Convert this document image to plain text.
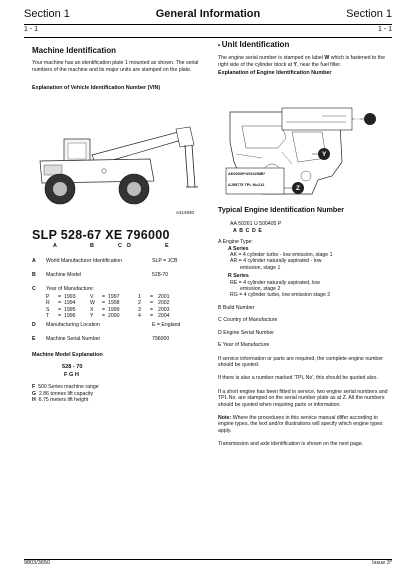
Section 1	General Information	Section 1
1 - 1	1 - 1
Machine Identification
Your machine has an identification plate 1 mounted as shown. The serial numbers of the machine and its major units are stamped on the plate.
Explanation of Vehicle Identification Number (VIN)
A314930
SLP 528-67 XE 796000
A	B	C D	E
A World Manufacturer Identification	SLP = JCB
B Machine Model	528-70
C Year of Manufacture:
P = 1993	V = 1997	1 = 2001
R = 1994	W = 1998	2 = 2002
S = 1995	X = 1999	3 = 2003
T = 1996	Y = 2000	4 = 2004
D Manufacturing Location	E = England
E Machine Serial Number	796000
Machine Model Explanation
528 - 70
F G H
F 500 Series machine range
G 2.86 tonnes lift capacity
H 6.75 meters lift height
• Unit Identification
The engine serial number is stamped on label W which is fastened to the right side of the cylinder block at Y, near the fuel filter.
Explanation of Engine Identification Number
W
Y
Z
AK00000*U510258B*
AJ59775 TPL M=212
Typical Engine Identification Number
AA 50261 U 500405 P
A B C D E
A Engine Type:
A Series
AK = 4 cylinder turbo - low emission, stage 1
AR = 4 cylinder naturally aspirated - low
emission, stage 1
R Series
RE = 4 cylinder naturally aspirated, low
emission, stage 2
RG = 4 cylinder turbo, low emission stage 2
B Build Number
C Country of Manufacture
D Engine Serial Number
E Year of Manufacture
If service information or parts are required, the complete engine number should be quoted.
If there is also a number marked 'TPL No', this should be quoted also.
If a short engine has been fitted in service, two engine serial numbers and TPL No. are stamped on the serial number plate as at Z. All the numbers should be quoted when requiring parts or information.
Note: Where the procedures in this service manual differ according to engine types, the text and/or illustrations will specify which engine types apply.
Transmission and axle identification is shown on the next page.
9803/3650	Issue 3*
